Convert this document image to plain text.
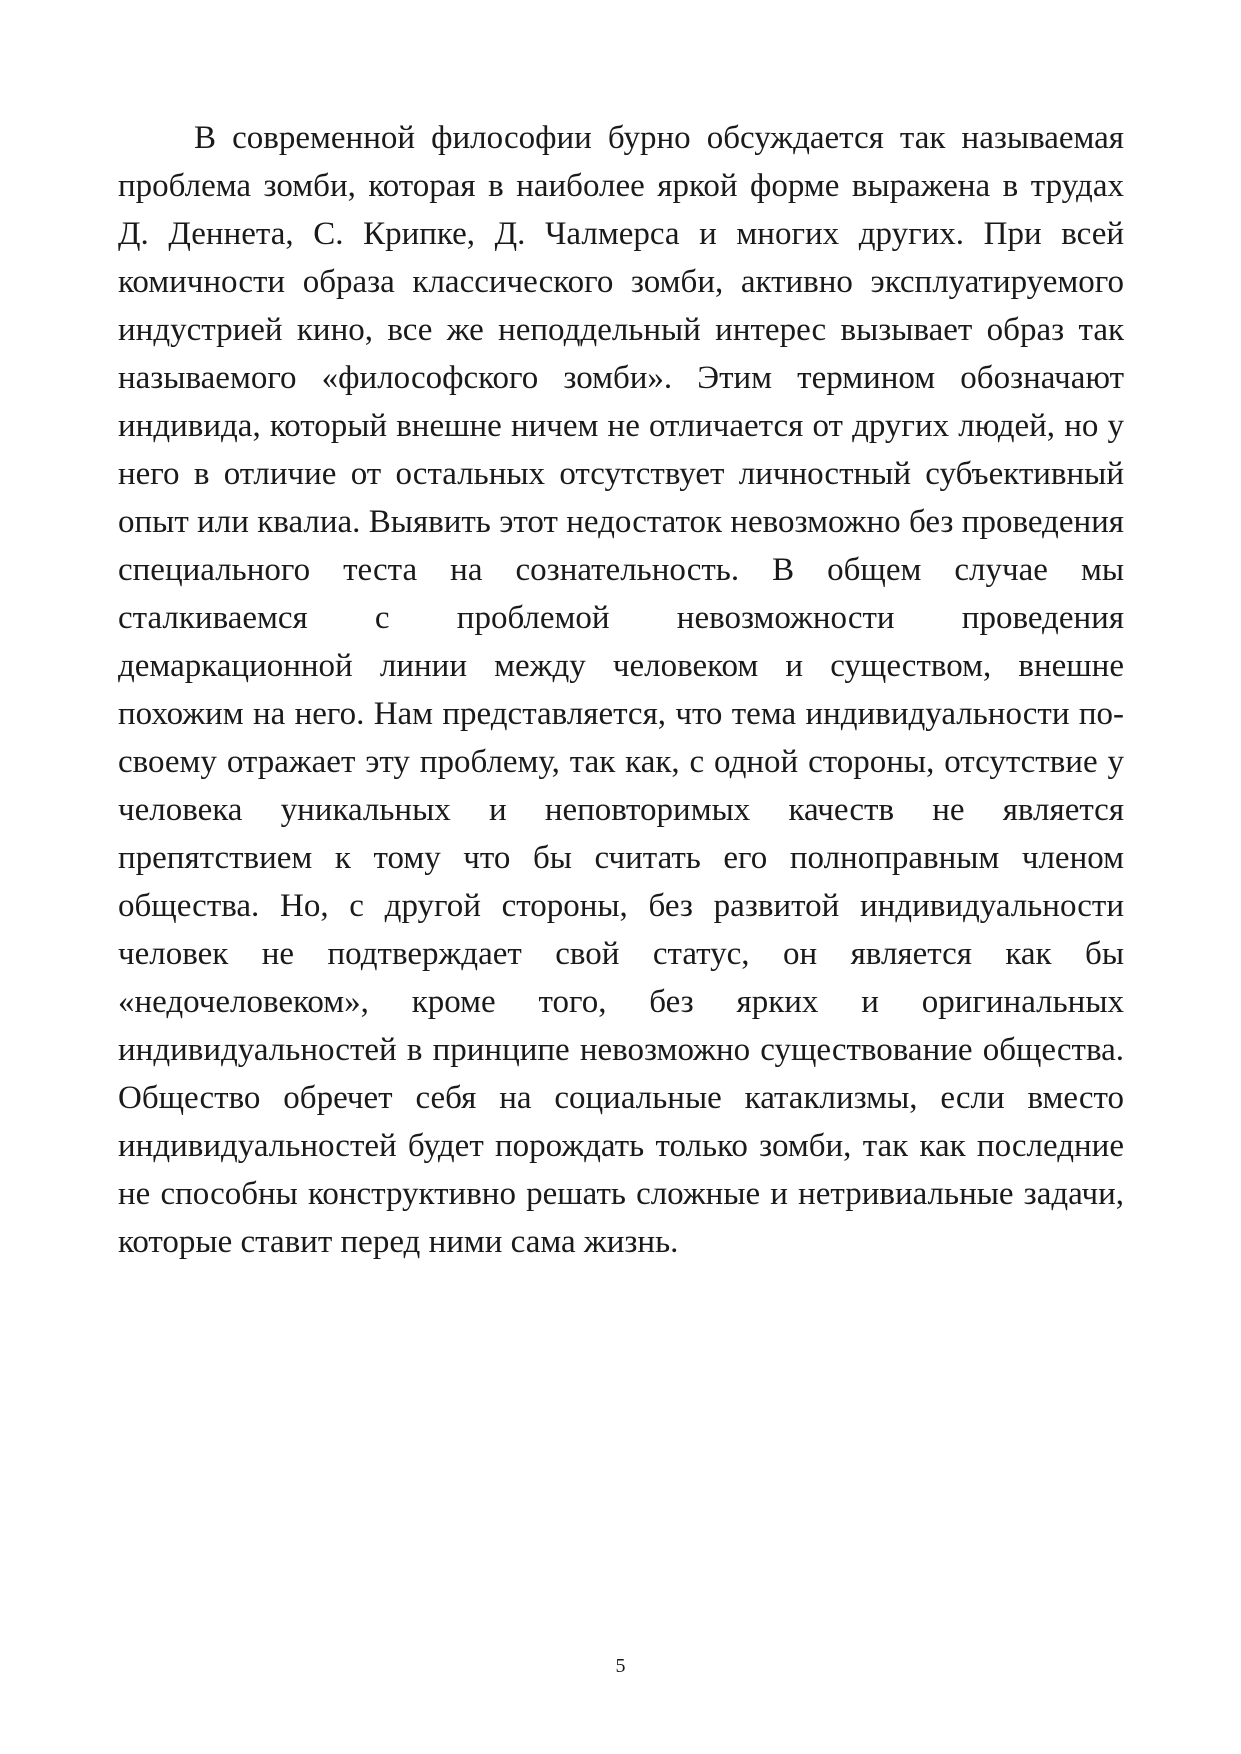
В современной философии бурно обсуждается так называемая проблема зомби, которая в наиболее яркой форме выражена в трудах Д. Деннета, С. Крипке, Д. Чалмерса и многих других. При всей комичности образа классического зомби, активно эксплуатируемого индустрией кино, все же неподдельный интерес вызывает образ так называемого «философского зомби». Этим термином обозначают индивида, который внешне ничем не отличается от других людей, но у него в отличие от остальных отсутствует личностный субъективный опыт или квалиа. Выявить этот недостаток невозможно без проведения специального теста на сознательность. В общем случае мы сталкиваемся с проблемой невозможности проведения демаркационной линии между человеком и существом, внешне похожим на него. Нам представляется, что тема индивидуальности по-своему отражает эту проблему, так как, с одной стороны, отсутствие у человека уникальных и неповторимых качеств не является препятствием к тому что бы считать его полноправным членом общества. Но, с другой стороны, без развитой индивидуальности человек не подтверждает свой статус, он является как бы «недочеловеком», кроме того, без ярких и оригинальных индивидуальностей в принципе невозможно существование общества. Общество обречет себя на социальные катаклизмы, если вместо индивидуальностей будет порождать только зомби, так как последние не способны конструктивно решать сложные и нетривиальные задачи, которые ставит перед ними сама жизнь.

5
